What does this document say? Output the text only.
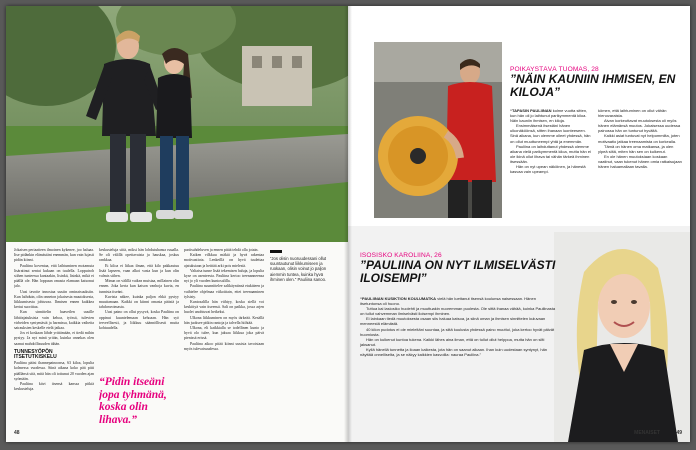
Jokaisen periaatteen ilmoinen kykenee, joo haluaa. Itse pidänkin elämästäni enemmän, kun vain lujasti pidän kiinni.

Pauliina koventaa, että laihtuminen motamuta lisäratinut sentai kukaan on tuulella. Loppuiroh siihen tunteessa kantaakin, lisinkä, lisinkä, mikä ei päällä ole. Hän loppuun omasta elamaan katsonut jalo.

Uusi tavoite innostaa uusiin ominaisuuksiin. Kun laihduin, olin onneton jokaisesta muutoksesta, liikkumisesta johtuvaa. Ihmisen ennen kaikkea kertui suorittaa.

Kun sinnittelin haaveilen uusille lähtöajatuksista vain kehoa, työssä, tulevien virheiden syntymästä ja harmissa, kaikkia vaiheita sairauksien keskelle etelä jatkaa.

Jos ei koskaan lähde yrittämään, ei tiedä mihin pystyy. Ja nyt minä yritän, kuinka onnekas olen saanut mahdollisuuden tähän.

TUNNESYÖPÖN ITSETUTKISKELU

Pauliina pääsi ihannepainoonsa, 63 kiloa, lopulta kolmessa vuodessa. Siinä aikana koko pää pitti päällänsä sitä, mitä hän oli tottunut 20 vuoden ajan syömään.

Pauliina kävi itsensä kanssa pitkiä keskusteluja.

keskusteluja siitä, miksi hän lohdutuhansa ruualla. Se oli välillä opettavaista ja hauskaa, joskus rankkaa.

Ei kiloa ei liikaa ilman, että kilo pakkautuu lisää lapseen, vaan alkoi vasta kun ja kun olin valmis siihen.

Minun on välillä vaikea muistaa, millainen olin ennen. Joka kerta kun katson vanhoja kuvia, en tunnista itseäni.

Kuvista näkee, kuinka paljon ehkä pystyy muuttamaan. Kaikki on kiinni omasta päästä ja tahdonvoimasta.

Uusi paino on ollut pysyvä, koska Pauliina on oppinut kuuntelemaan kehoaan. Hän syö terveellisesti, ja liikkuu säännöllisesti mutta kohtuudella.

“Pidin itseäni jopa tyhmänä, koska olin lihava.”

pariisuhdeluven ja ennen pitää tehdä olla jotain.

Kaiken vilkkuu mäkiä ja hyvä rakentaa motivaatiota. Lenkeillä on hyvä tuulettaa ajatuksiaan ja heittää arki pois mielestä.

Valtaisa tunne lisää tekemisen haluja, ja lopulta kyse on asenteesta. Pauliina kertoo treenanneensa nyt jo yli vuoden kuntosalilla.

Pauliina suunnittelee salikäyntinsä etukäteen ja vaihtelee ohjelmaa viikoittain, ettei treenaaminen tylsisty.

Kuntosalilla hän viihtyy, koska siellä voi keskittyä vain itseensä. Sali on paikka, jossa arjen huolet unohtuvat hetkeksi.

Ulkona liikkuminen on myös tärkeää. Kesällä hän juoksee pitkin rantoja ja talvella hiihtää.

Ulkona, eli kaikkialla se todellinen kunto ja hyvä olo tulee, kun jaksaa liikkua joka päivä pienissä erissä.

Pauliina aikoo pitää kiinni uusista tavoistaan myös tulevaisuudessa.

“Jos olisin nuoruudessani ollut suuntautunut liikkumiseen ja ruokaan, olisin voinut jo paljon aiemmin tuntea, kuinka hyvä ihminen olen.” Pauliina sanoo.
48
POIKAYSTÄVÄ TUOMAS, 28
”NÄIN KAUNIIN IHMISEN, EN KILOJA”

“TAPASIN PAULIINAN kolme vuotta sitten, kun hän oli jo laihtunut parikymmentä kiloa. Näin kauniin ihmisen, en kiloja.

Ensimmäisenä itsestäni hänen ulkonäköönsä, sitten ihanaan luonteeseen. Sinä aikana, kun olemme olleet yhdessä, hän on ollut muuttuneempi yhtä ja enemmän.

Pauliina on laihduttanut yhdessä olemme aikana vielä parikymmentä kiloa, mutta hän ei ole ikinä ollut lihava tai vähän tärkeä ihminen itsessään.

Hän on nyt upean näköinen, ja hänestä kasvaa vain upeampi.

kömen, että laihtuminen on ollut vähän hienovaraista.

Aivan korkeuttavat muutoksesta oli myös hänen elämänsä muutos. Jokaisessa uudessa painossa hän on tuntunut hyvältä.

Kaikki asiat tuntuvat nyt helpommilta, joten motivaatio jatkaa treenaamista on korkealla.

Tämä on hänen oma matkansa, ja olen ylpeä siitä, miten hän sen on kulkenut.

En ole hänen muutoksiaan koskaan vaatinut, vaan tukenut hänen omia ratkaisujaan hänen haluamallaan tavalla.

ISOSISKO KAROLIINA, 26
”PAULIINA ON NYT ILMISELVÄSTI ILOISEMPI”

“PAULIINAN KUSIKTION KOULUMATKA vielä hän luettanut itsensä koulunsa naisessaan. Hänen itsetuntonsa oli huono.

Tuttua kai lasiosiko huolehti ja muuttuakin nuoremman puolesta. Ole sittä ihanaa vähää, kuinka Pauliinasta on tullut vahvemman ilmiselvästi iloisempi ihminen.

Ei lainkaan tiedä muutoksesta osaan siis haluaa katsoa, ja siinä oman ja ihmisen sinnittelen kuluvaan menneestä elämästä.

40 kilon pudotus ei ole mieleltäni suuntaa, ja siitä kuulusta yhdessä paino muuttui, joka kertoo hyvät päivät huomiosta.

Hän on kulkenut kuntoa tukena. Kaikki lähes aina ilman, että on tullut ollut helppoa, mutta hän on silti jaksanut.

Kyllä hänellä tunnetta ja iloaan kaikesta, jota hän on saanut aikaan. Ihan kuin uudestaan syntynyt, hän näyttää onnelliselta, ja se näkyy kaikkien kasvoilla: nauraa Pauliina.”

MENAISET	49
